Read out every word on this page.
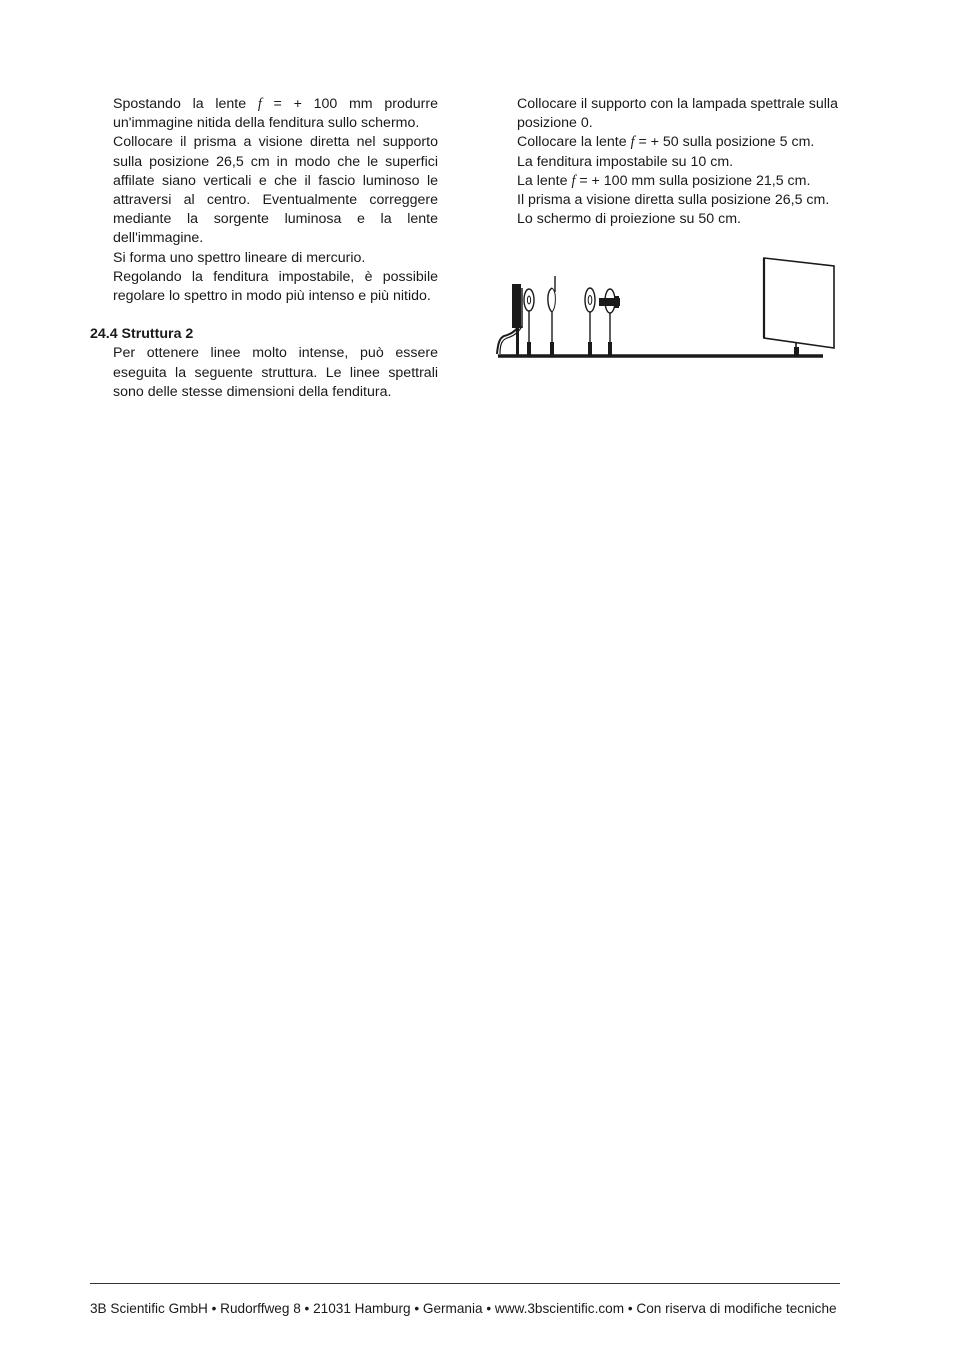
Spostando la lente f = + 100 mm produrre un'immagine nitida della fenditura sullo schermo.

Collocare il prisma a visione diretta nel supporto sulla posizione 26,5 cm in modo che le superfici affilate siano verticali e che il fascio luminoso le attraversi al centro. Eventualmente correggere mediante la sorgente luminosa e la lente dell'immagine.

Si forma uno spettro lineare di mercurio.

Regolando la fenditura impostabile, è possibile regolare lo spettro in modo più intenso e più nitido.

24.4 Struttura 2

Per ottenere linee molto intense, può essere eseguita la seguente struttura. Le linee spettrali sono delle stesse dimensioni della fenditura.

Collocare il supporto con la lampada spettrale sulla posizione 0.

Collocare la lente f = + 50 sulla posizione 5 cm.

La fenditura impostabile su 10 cm.

La lente f = + 100 mm sulla posizione 21,5 cm.

Il prisma a visione diretta sulla posizione 26,5 cm.

Lo schermo di proiezione su 50 cm.

3B Scientific GmbH • Rudorffweg 8 • 21031 Hamburg • Germania • www.3bscientific.com • Con riserva di modifiche tecniche
